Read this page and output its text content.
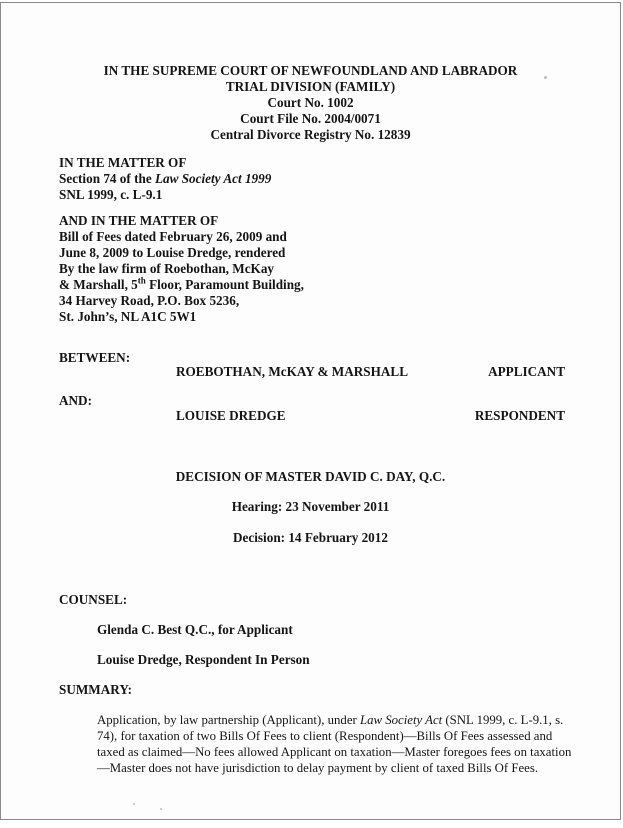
IN THE SUPREME COURT OF NEWFOUNDLAND AND LABRADOR
TRIAL DIVISION (FAMILY)
Court No. 1002
Court File No. 2004/0071
Central Divorce Registry No. 12839
IN THE MATTER OF
Section 74 of the Law Society Act 1999
SNL 1999, c. L-9.1
AND IN THE MATTER OF
Bill of Fees dated February 26, 2009 and
June 8, 2009 to Louise Dredge, rendered
By the law firm of Roebothan, McKay
& Marshall, 5th Floor, Paramount Building,
34 Harvey Road, P.O. Box 5236,
St. John’s, NL A1C 5W1
BETWEEN:
ROEBOTHAN, McKAY & MARSHALL	APPLICANT
AND:
LOUISE DREDGE	RESPONDENT
DECISION OF MASTER DAVID C. DAY, Q.C.
Hearing: 23 November 2011
Decision: 14 February 2012
COUNSEL:
Glenda C. Best Q.C., for Applicant
Louise Dredge, Respondent In Person
SUMMARY:
Application, by law partnership (Applicant), under Law Society Act (SNL 1999, c. L-9.1, s. 74), for taxation of two Bills Of Fees to client (Respondent)—Bills Of Fees assessed and taxed as claimed—No fees allowed Applicant on taxation—Master foregoes fees on taxation—Master does not have jurisdiction to delay payment by client of taxed Bills Of Fees.
